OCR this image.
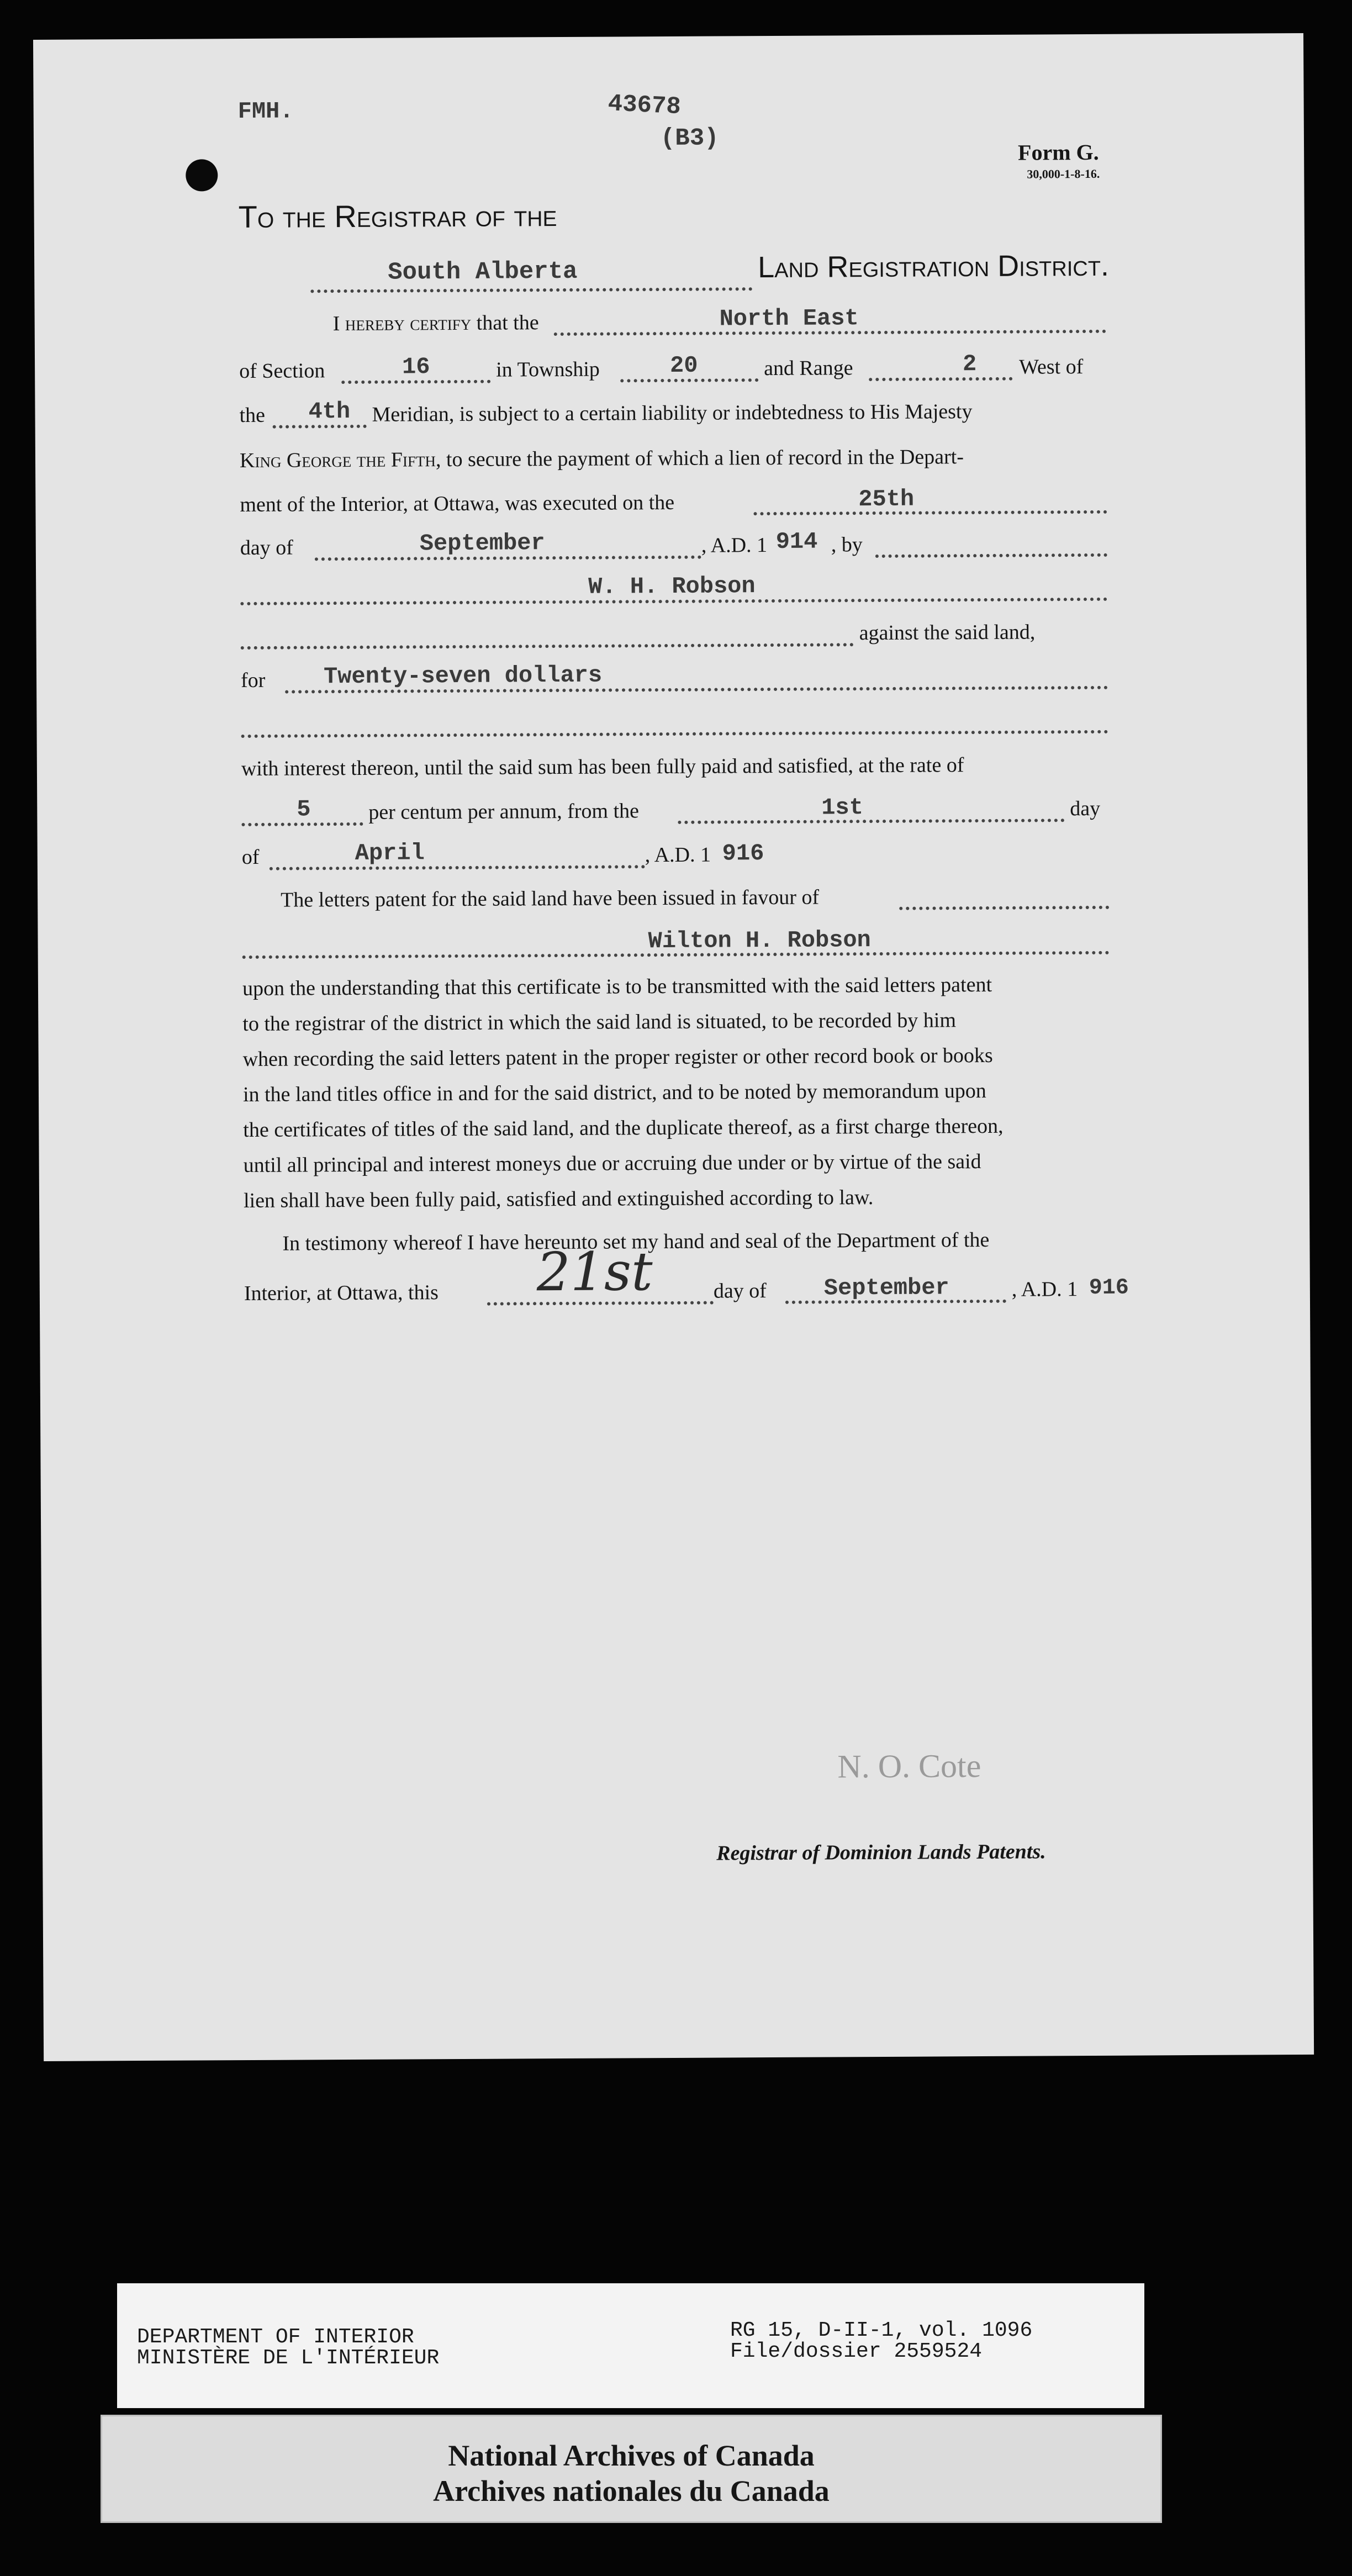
FMH.	43678
(B3)	Form G.
30,000-1-8-16.
To the Registrar of the
South Alberta	Land Registration District.
I hereby certify that the	North East
of Section	16	in Township	20	and Range	2 West of
the 4th Meridian, is subject to a certain liability or indebtedness to His Majesty
King George the Fifth, to secure the payment of which a lien of record in the Depart-
ment of the Interior, at Ottawa, was executed on the	25th
day of	September	, A.D. 1 914 , by
W. H. Robson
against the said land,
for	Twenty-seven dollars
with interest thereon, until the said sum has been fully paid and satisfied, at the rate of
5	per centum per annum, from the	1st	day
of	April	, A.D. 1 916
The letters patent for the said land have been issued in favour of
Wilton H. Robson
upon the understanding that this certificate is to be transmitted with the said letters patent
to the registrar of the district in which the said land is situated, to be recorded by him
when recording the said letters patent in the proper register or other record book or books
in the land titles office in and for the said district, and to be noted by memorandum upon
the certificates of titles of the said land, and the duplicate thereof, as a first charge thereon,
until all principal and interest moneys due or accruing due under or by virtue of the said
lien shall have been fully paid, satisfied and extinguished according to law.
In testimony whereof I have hereunto set my hand and seal of the Department of the
Interior, at Ottawa, this 21st	day of September	, A.D. 1 916
N. O. Cote
Registrar of Dominion Lands Patents.
DEPARTMENT OF INTERIOR
MINISTÈRE DE L'INTÉRIEUR
RG 15, D-II-1, vol. 1096
File/dossier 2559524
National Archives of Canada
Archives nationales du Canada
